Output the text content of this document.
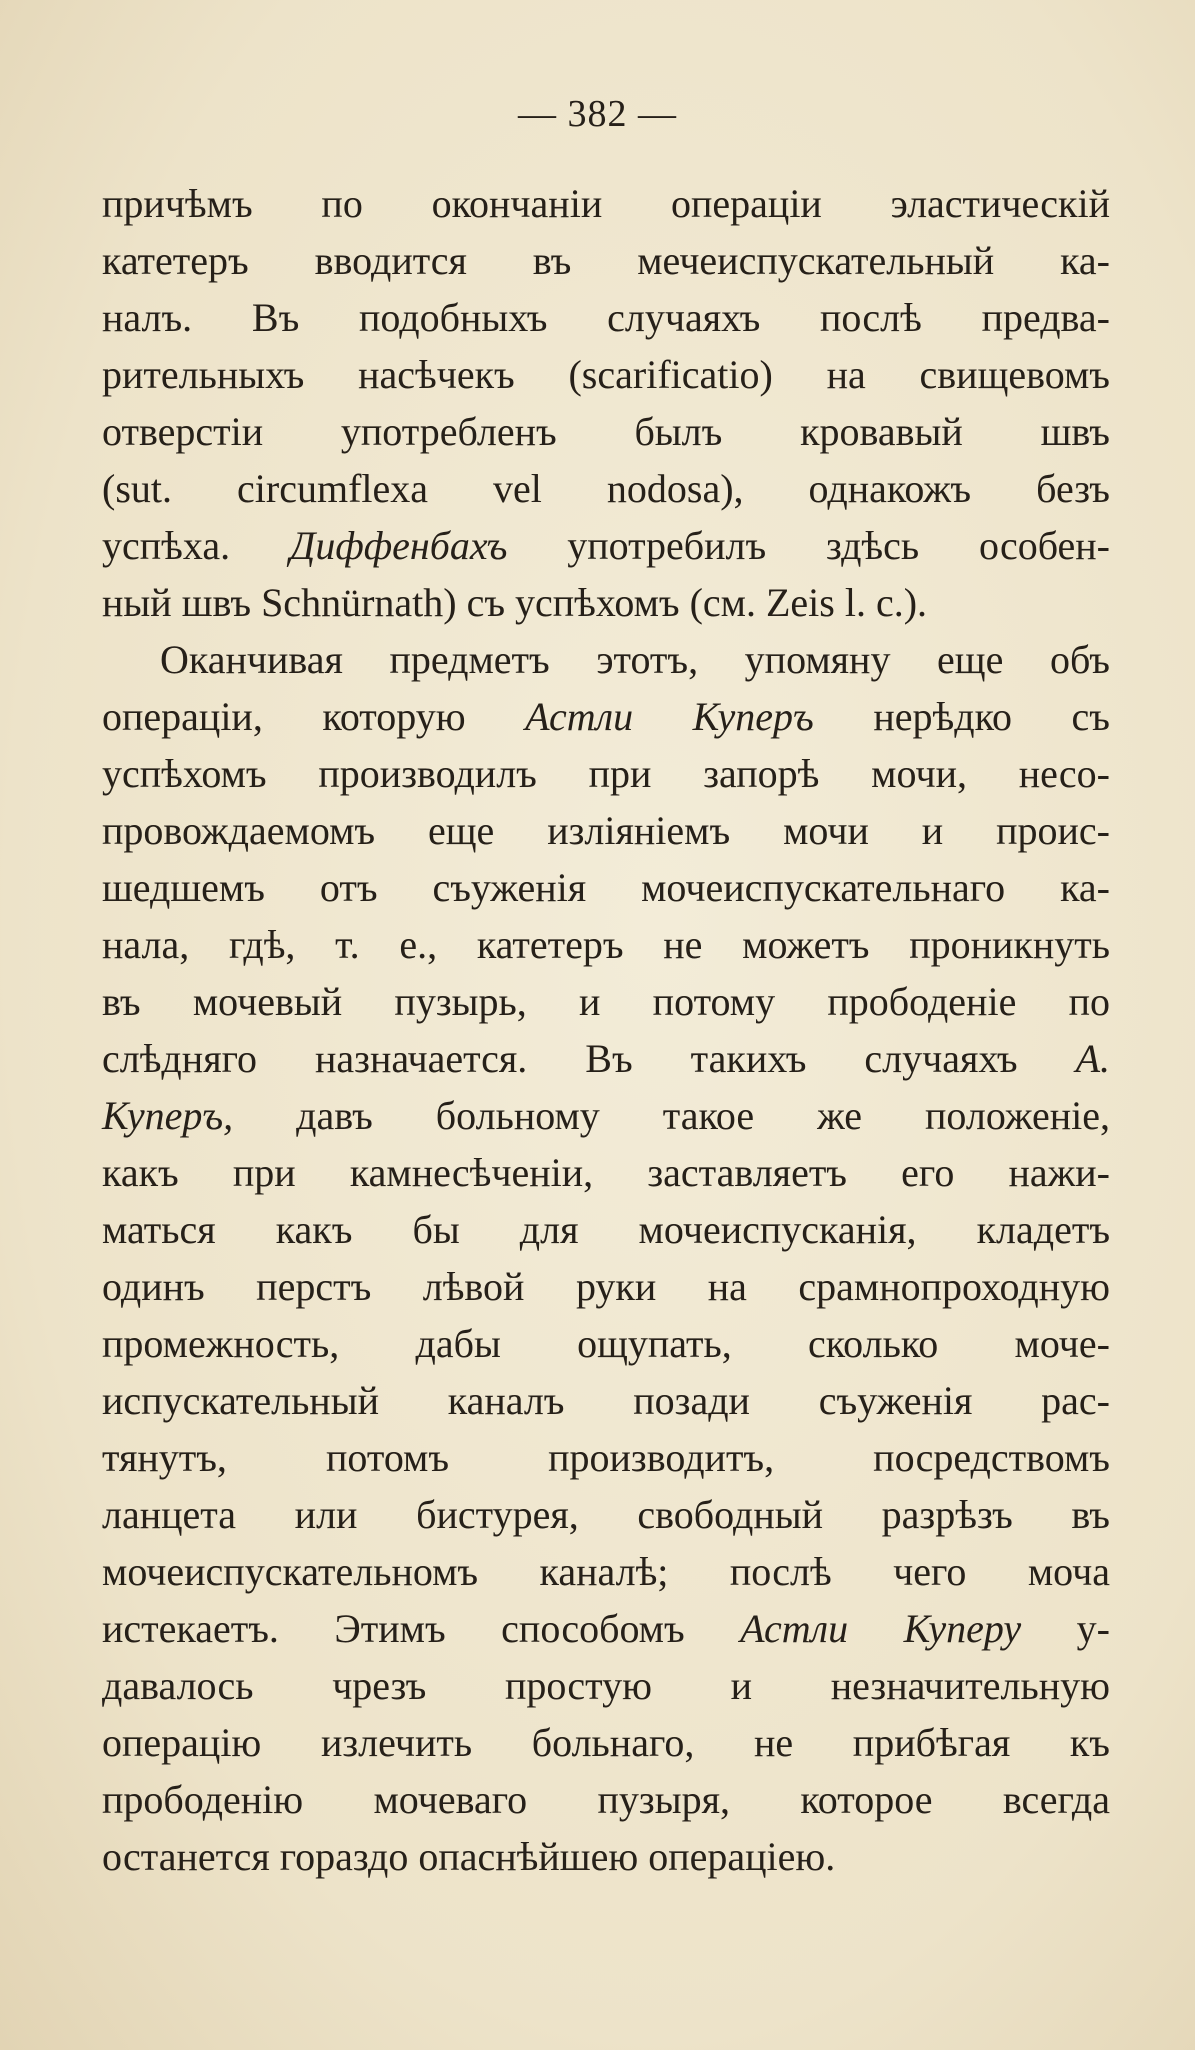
— 382 —
причѣмъ по окончаніи операціи эластическій
катетеръ вводится въ мечеиспускательный ка-
налъ. Въ подобныхъ случаяхъ послѣ предва-
рительныхъ насѣчекъ (scarificatio) на свищевомъ
отверстіи употребленъ былъ кровавый швъ
(sut. circumflexa vel nodosa), однакожъ безъ
успѣха. Диффенбахъ употребилъ здѣсь особен-
ный швъ Schnürnath) съ успѣхомъ (см. Zeis l. c.).
Оканчивая предметъ этотъ, упомяну еще объ
операціи, которую Астли Куперъ нерѣдко съ
успѣхомъ производилъ при запорѣ мочи, несо-
провождаемомъ еще изліяніемъ мочи и проис-
шедшемъ отъ съуженія мочеиспускательнаго ка-
нала, гдѣ, т. е., катетеръ не можетъ проникнуть
въ мочевый пузырь, и потому прободеніе по
слѣдняго назначается. Въ такихъ случаяхъ А.
Куперъ, давъ больному такое же положеніе,
какъ при камнесѣченіи, заставляетъ его нажи-
маться какъ бы для мочеиспусканія, кладетъ
одинъ перстъ лѣвой руки на срамнопроходную
промежность, дабы ощупать, сколько моче-
испускательный каналъ позади съуженія рас-
тянутъ, потомъ производитъ, посредствомъ
ланцета или бистурея, свободный разрѣзъ въ
мочеиспускательномъ каналѣ; послѣ чего моча
истекаетъ. Этимъ способомъ Астли Куперу у-
давалось чрезъ простую и незначительную
операцію излечить больнаго, не прибѣгая къ
прободенію мочеваго пузыря, которое всегда
останется гораздо опаснѣйшею операціею.
